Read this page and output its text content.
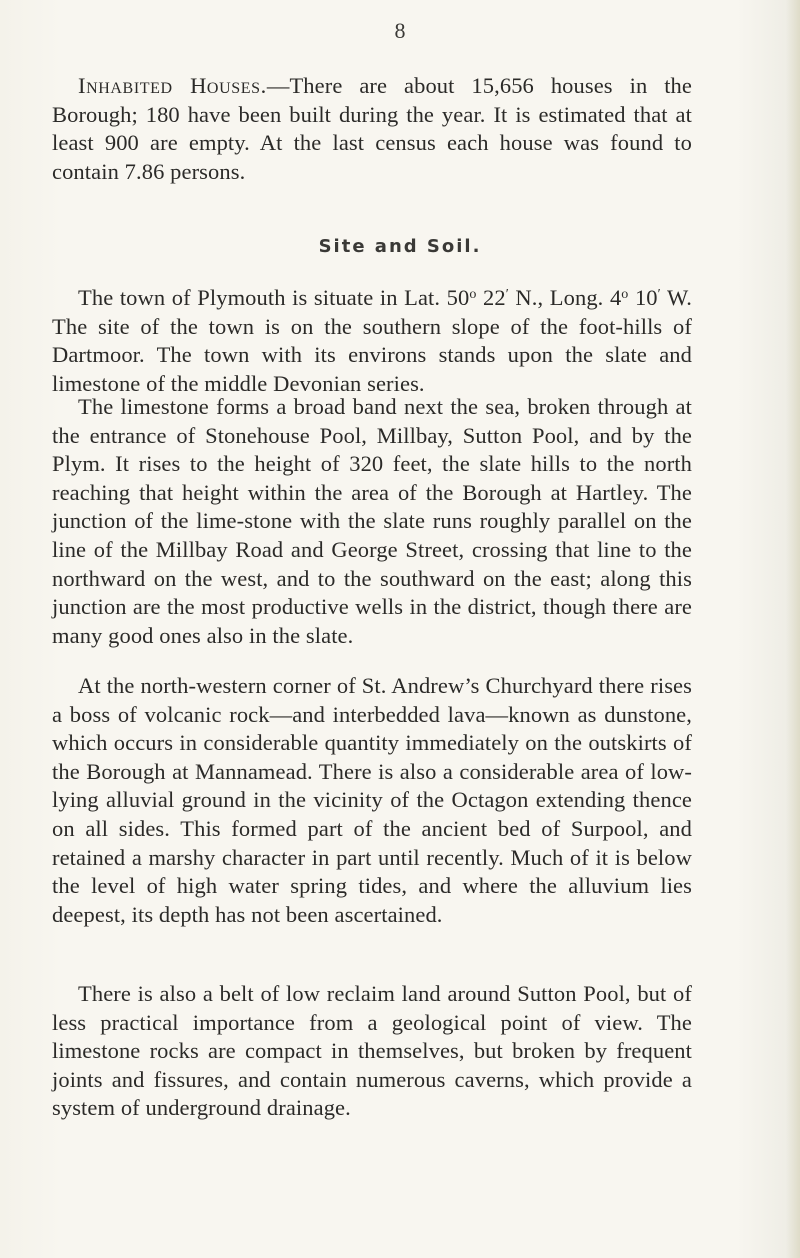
8

Inhabited Houses.—There are about 15,656 houses in the Borough; 180 have been built during the year. It is estimated that at least 900 are empty. At the last census each house was found to contain 7.86 persons.

Site and Soil.

The town of Plymouth is situate in Lat. 50$^o$ 22′ N., Long. 4$^o$ 10′ W. The site of the town is on the southern slope of the foot-hills of Dartmoor. The town with its environs stands upon the slate and limestone of the middle Devonian series.

The limestone forms a broad band next the sea, broken through at the entrance of Stonehouse Pool, Millbay, Sutton Pool, and by the Plym. It rises to the height of 320 feet, the slate hills to the north reaching that height within the area of the Borough at Hartley. The junction of the lime-stone with the slate runs roughly parallel on the line of the Millbay Road and George Street, crossing that line to the northward on the west, and to the southward on the east; along this junction are the most productive wells in the district, though there are many good ones also in the slate.

At the north-western corner of St. Andrew’s Churchyard there rises a boss of volcanic rock—and interbedded lava—known as dunstone, which occurs in considerable quantity immediately on the outskirts of the Borough at Mannamead. There is also a considerable area of low-lying alluvial ground in the vicinity of the Octagon extending thence on all sides. This formed part of the ancient bed of Surpool, and retained a marshy character in part until recently. Much of it is below the level of high water spring tides, and where the alluvium lies deepest, its depth has not been ascertained.

There is also a belt of low reclaim land around Sutton Pool, but of less practical importance from a geological point of view. The limestone rocks are compact in themselves, but broken by frequent joints and fissures, and contain numerous caverns, which provide a system of underground drainage.
